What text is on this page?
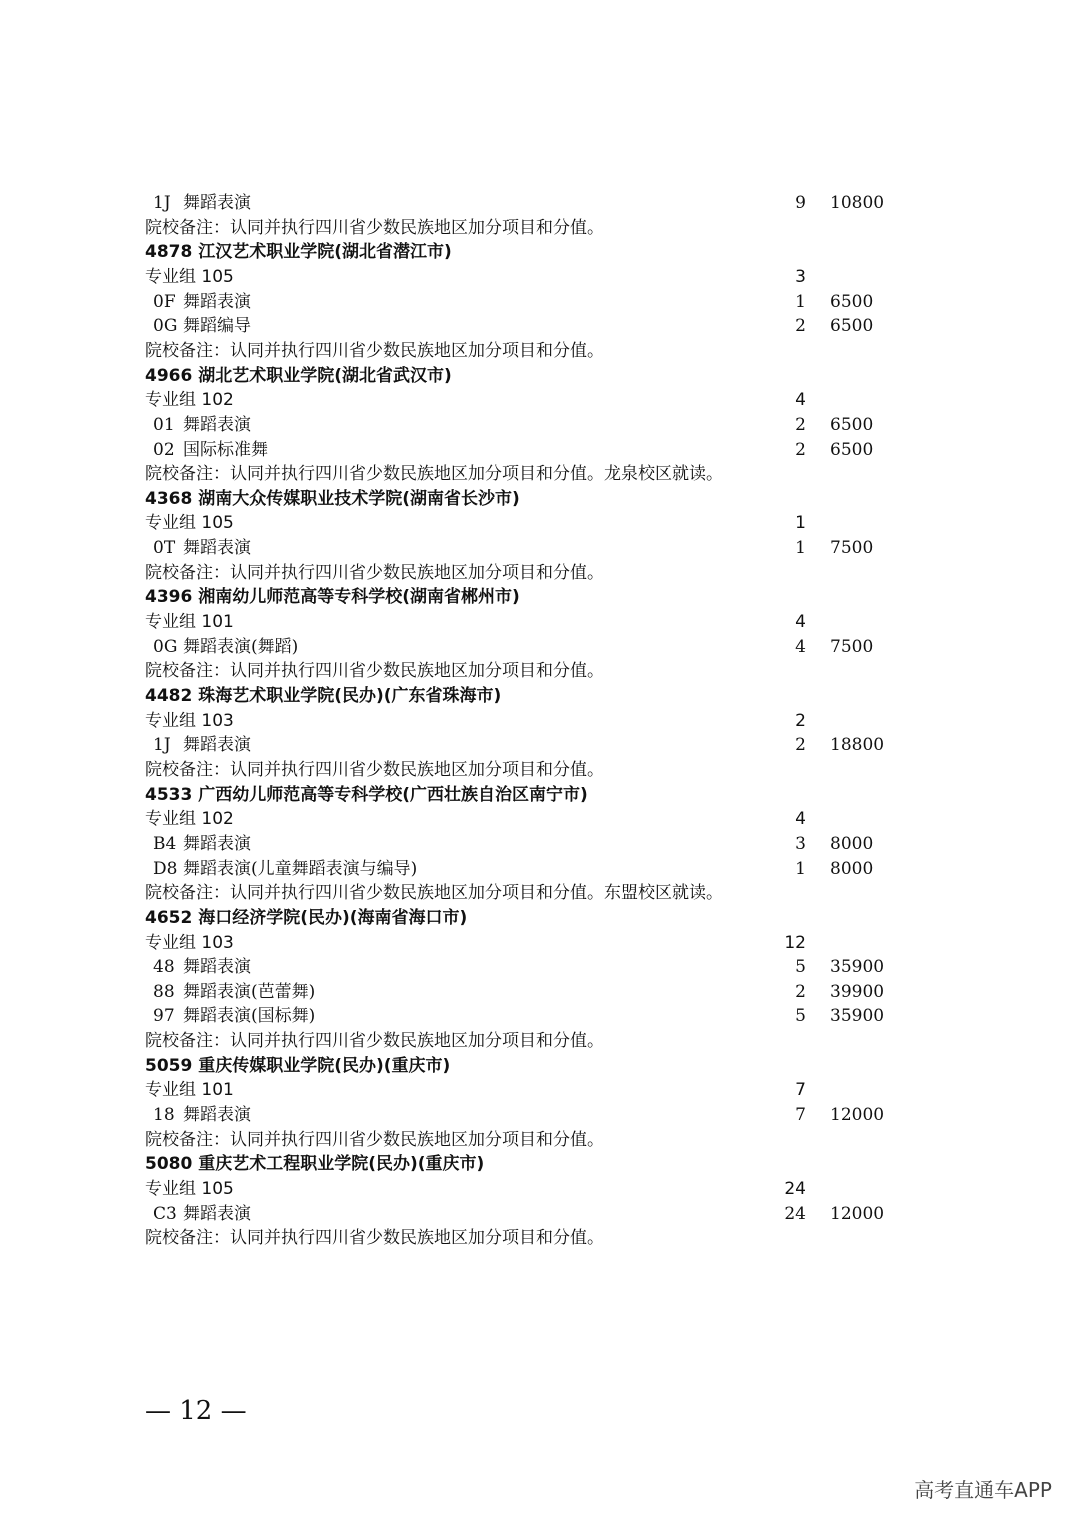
1J 舞蹈表演	9 10800
院校备注：认同并执行四川省少数民族地区加分项目和分值。
4878 江汉艺术职业学院(湖北省潜江市)
专业组 105	3
0F 舞蹈表演	1 6500
0G 舞蹈编导	2 6500
院校备注：认同并执行四川省少数民族地区加分项目和分值。
4966 湖北艺术职业学院(湖北省武汉市)
专业组 102	4
01 舞蹈表演	2 6500
02 国际标准舞	2 6500
院校备注：认同并执行四川省少数民族地区加分项目和分值。龙泉校区就读。
4368 湖南大众传媒职业技术学院(湖南省长沙市)
专业组 105	1
0T 舞蹈表演	1 7500
院校备注：认同并执行四川省少数民族地区加分项目和分值。
4396 湘南幼儿师范高等专科学校(湖南省郴州市)
专业组 101	4
0G 舞蹈表演(舞蹈)	4 7500
院校备注：认同并执行四川省少数民族地区加分项目和分值。
4482 珠海艺术职业学院(民办)(广东省珠海市)
专业组 103	2
1J 舞蹈表演	2 18800
院校备注：认同并执行四川省少数民族地区加分项目和分值。
4533 广西幼儿师范高等专科学校(广西壮族自治区南宁市)
专业组 102	4
B4 舞蹈表演	3 8000
D8 舞蹈表演(儿童舞蹈表演与编导)	1 8000
院校备注：认同并执行四川省少数民族地区加分项目和分值。东盟校区就读。
4652 海口经济学院(民办)(海南省海口市)
专业组 103	12
48 舞蹈表演	5 35900
88 舞蹈表演(芭蕾舞)	2 39900
97 舞蹈表演(国标舞)	5 35900
院校备注：认同并执行四川省少数民族地区加分项目和分值。
5059 重庆传媒职业学院(民办)(重庆市)
专业组 101	7
18 舞蹈表演	7 12000
院校备注：认同并执行四川省少数民族地区加分项目和分值。
5080 重庆艺术工程职业学院(民办)(重庆市)
专业组 105	24
C3 舞蹈表演	24 12000
院校备注：认同并执行四川省少数民族地区加分项目和分值。
— 12 —
高考直通车APP
